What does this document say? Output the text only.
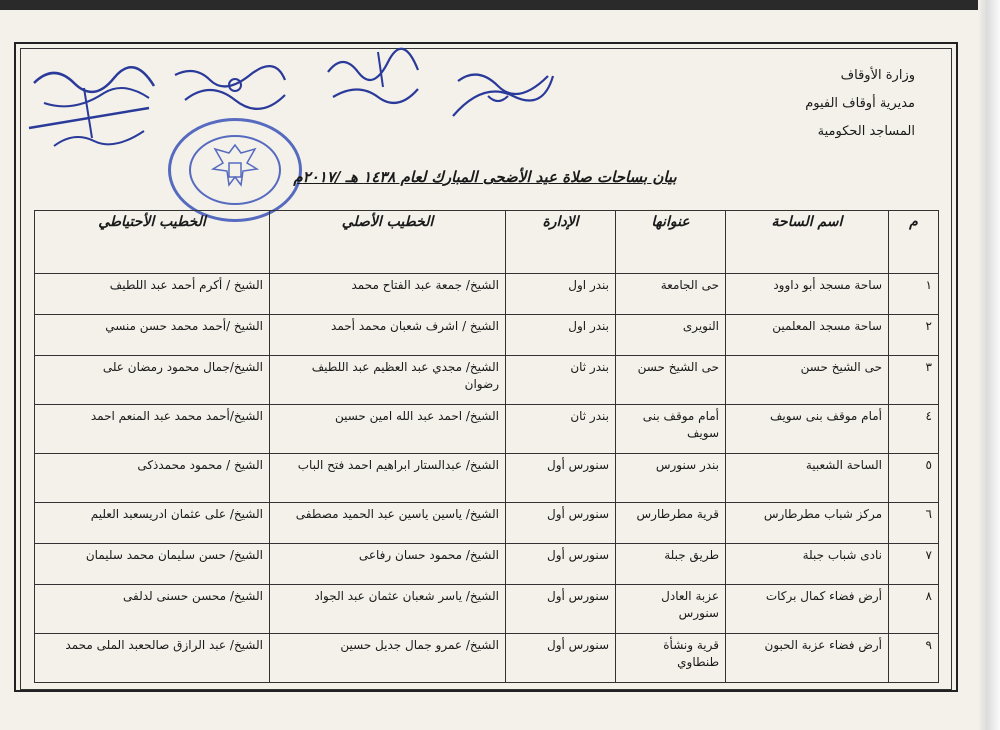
وزارة الأوقاف
مديرية أوقاف الفيوم
المساجد الحكومية
بيان بساحات صلاة عيد الأضحى المبارك لعام ١٤٣٨ هـ /٢٠١٧م
م	اسم الساحة	عنوانها	الإدارة	الخطيب الأصلي	الخطيب الأحتياطي
١	ساحة مسجد أبو داوود	حى الجامعة	بندر اول	الشيخ/ جمعة عبد الفتاح محمد	الشيخ / أكرم أحمد عبد اللطيف
٢	ساحة مسجد المعلمين	النويرى	بندر اول	الشيخ / اشرف شعبان محمد أحمد	الشيخ /أحمد محمد حسن منسي
٣	حى الشيخ حسن	حى الشيخ حسن	بندر ثان	الشيخ/ مجدي عبد العظيم عبد اللطيف رضوان	الشيخ/جمال محمود رمضان على
٤	أمام موقف بنى سويف	أمام موقف بنى سويف	بندر ثان	الشيخ/ احمد عبد الله امين حسين	الشيخ/أحمد محمد عبد المنعم احمد
٥	الساحة الشعبية	بندر سنورس	سنورس أول	الشيخ/ عبدالستار ابراهيم احمد فتح الباب	الشيخ / محمود محمدذكى
٦	مركز شباب مطرطارس	قرية مطرطارس	سنورس أول	الشيخ/ ياسين ياسين عبد الحميد مصطفى	الشيخ/ على عثمان ادريسعبد العليم
٧	نادى شباب جبلة	طريق جبلة	سنورس أول	الشيخ/ محمود حسان رفاعى	الشيخ/ حسن سليمان محمد سليمان
٨	أرض فضاء كمال بركات	عزبة العادل سنورس	سنورس أول	الشيخ/ ياسر شعبان عثمان عبد الجواد	الشيخ/ محسن حسنى لدلفى
٩	أرض فضاء عزبة الحبون	قرية ونشأة طنطاوي	سنورس أول	الشيخ/ عمرو جمال جديل حسين	الشيخ/ عبد الرازق صالحعبد الملى محمد
